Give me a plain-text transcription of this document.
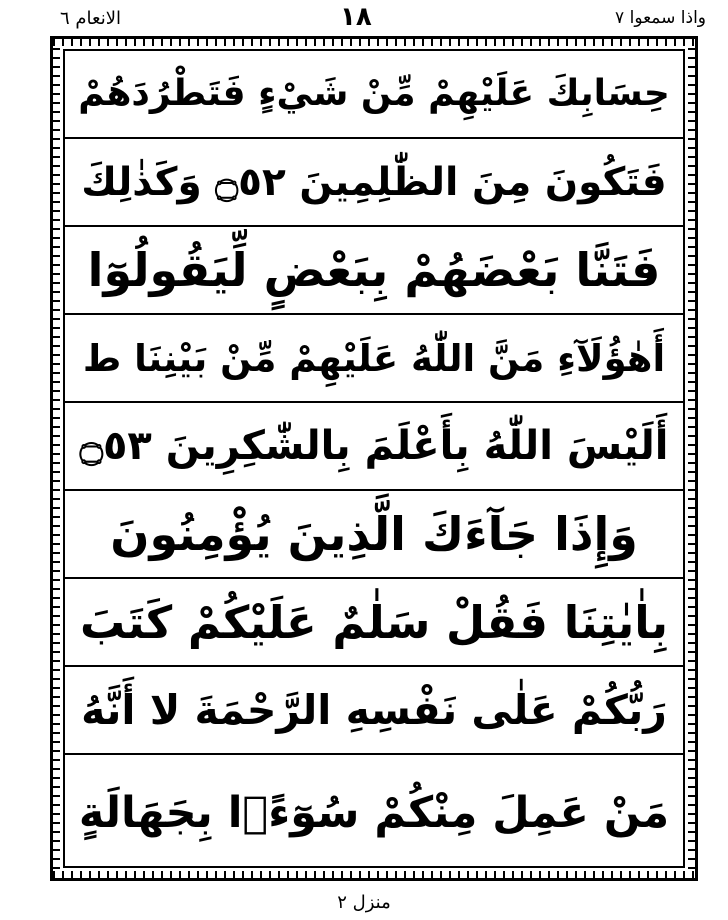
الانعام ٦	۱۸	واذا سمعوا ٧
حِسَابِكَ عَلَيْهِمْ مِّنْ شَيْءٍ فَتَطْرُدَهُمْ
فَتَكُونَ مِنَ الظّٰلِمِينَ ۝٥٢ وَكَذٰلِكَ
فَتَنَّا بَعْضَهُمْ بِبَعْضٍ لِّيَقُولُوٓا
أَهٰؤُلَآءِ مَنَّ اللّٰهُ عَلَيْهِمْ مِّنْ بَيْنِنَا ط
أَلَيْسَ اللّٰهُ بِأَعْلَمَ بِالشّٰكِرِينَ ۝٥٣
وَإِذَا جَآءَكَ الَّذِينَ يُؤْمِنُونَ
بِاٰيٰتِنَا فَقُلْ سَلٰمٌ عَلَيْكُمْ كَتَبَ
رَبُّكُمْ عَلٰى نَفْسِهِ الرَّحْمَةَ لا أَنَّهُ
مَنْ عَمِلَ مِنْكُمْ سُوٓءًۢا بِجَهَالَةٍ
منزل ٢
